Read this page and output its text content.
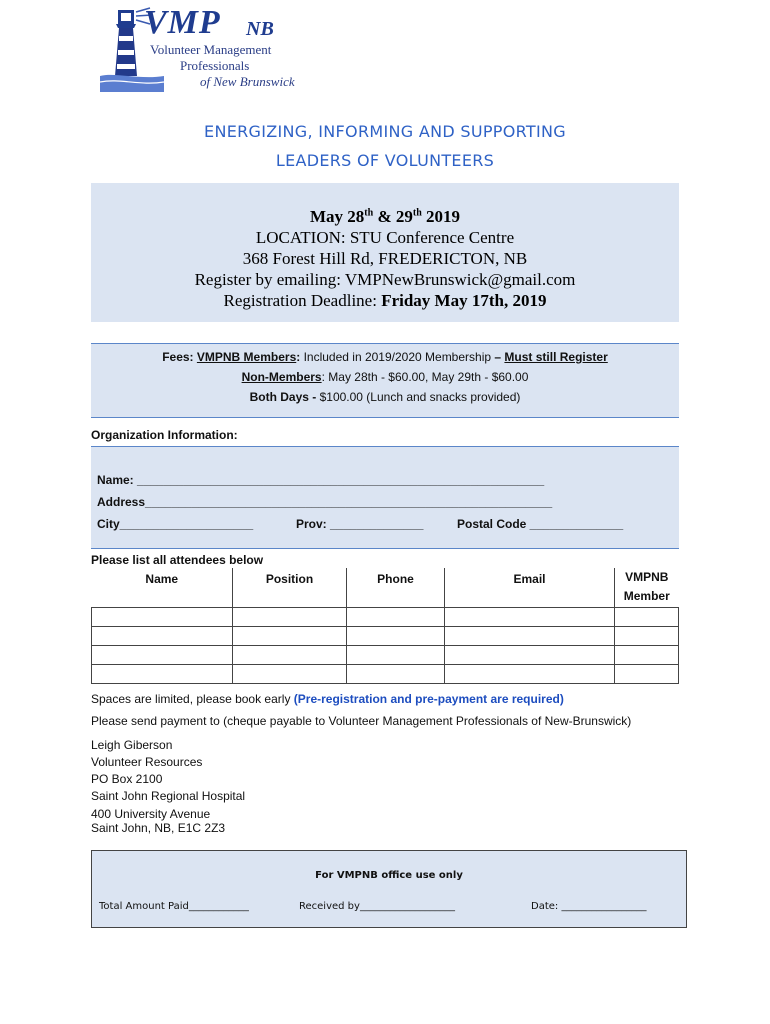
VMP NB
Volunteer Management
Professionals
of New Brunswick
ENERGIZING, INFORMING AND SUPPORTING
LEADERS OF VOLUNTEERS
May 28th & 29th 2019
LOCATION: STU Conference Centre
368 Forest Hill Rd, FREDERICTON, NB
Register by emailing: VMPNewBrunswick@gmail.com
Registration Deadline: Friday May 17th, 2019
Fees: VMPNB Members: Included in 2019/2020 Membership – Must still Register
Non-Members: May 28th - $60.00, May 29th - $60.00
Both Days - $100.00 (Lunch and snacks provided)
Organization Information:
Name: _____________________________________________________________
Address_____________________________________________________________
City____________________	Prov: ______________	Postal Code ______________
Please list all attendees below
Name	Position	Phone	Email	VMPNB
Member

Spaces are limited, please book early (Pre-registration and pre-payment are required)
Please send payment to (cheque payable to Volunteer Management Professionals of New-Brunswick)
Leigh Giberson
Volunteer Resources
PO Box 2100
Saint John Regional Hospital
400 University Avenue
Saint John, NB, E1C 2Z3
For VMPNB office use only
Total Amount Paid____________	Received by___________________	Date: _________________
